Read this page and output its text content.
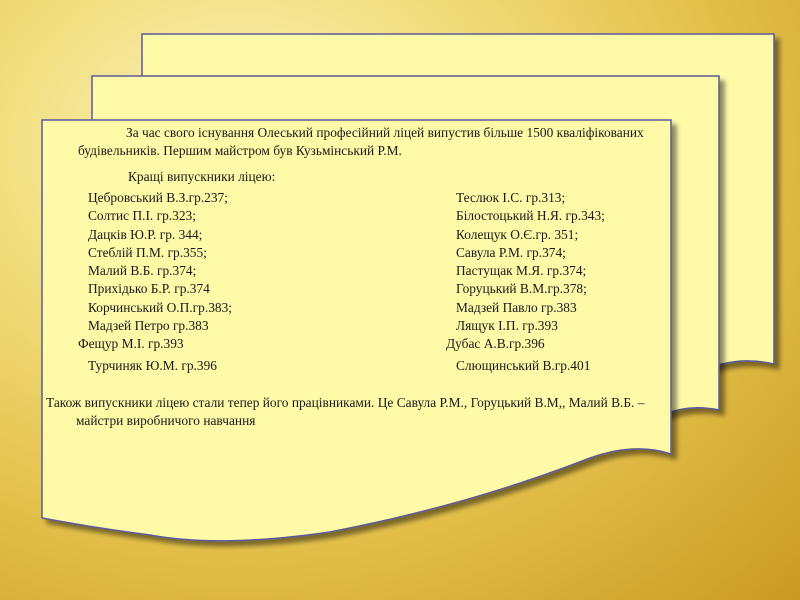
За час свого існування Олеський професійний ліцей випустив більше 1500 кваліфікованих будівельників. Першим майстром був Кузьмінський Р.М.

Кращі випускники ліцею:

Цебровський В.З.гр.237;	Теслюк І.С. гр.313;
Солтис П.І. гр.323;	Білостоцький Н.Я. гр.343;
Дацків Ю.Р. гр. 344;	Колещук О.Є.гр. 351;
Стеблій П.М. гр.355;	Савула Р.М. гр.374;
Малий В.Б. гр.374;	Пастущак М.Я. гр.374;
Прихідько Б.Р. гр.374	Горуцький В.М.гр.378;
Корчинський О.П.гр.383;	Мадзей Павло гр.383
Мадзей Петро гр.383	Лящук І.П. гр.393
Фещур М.І. гр.393	Дубас А.В.гр.396
Турчиняк Ю.М. гр.396	Слющинський В.гр.401

Також випускники ліцею стали тепер його працівниками. Це Савула Р.М., Горуцький В.М,, Малий В.Б. – майстри виробничого навчання
